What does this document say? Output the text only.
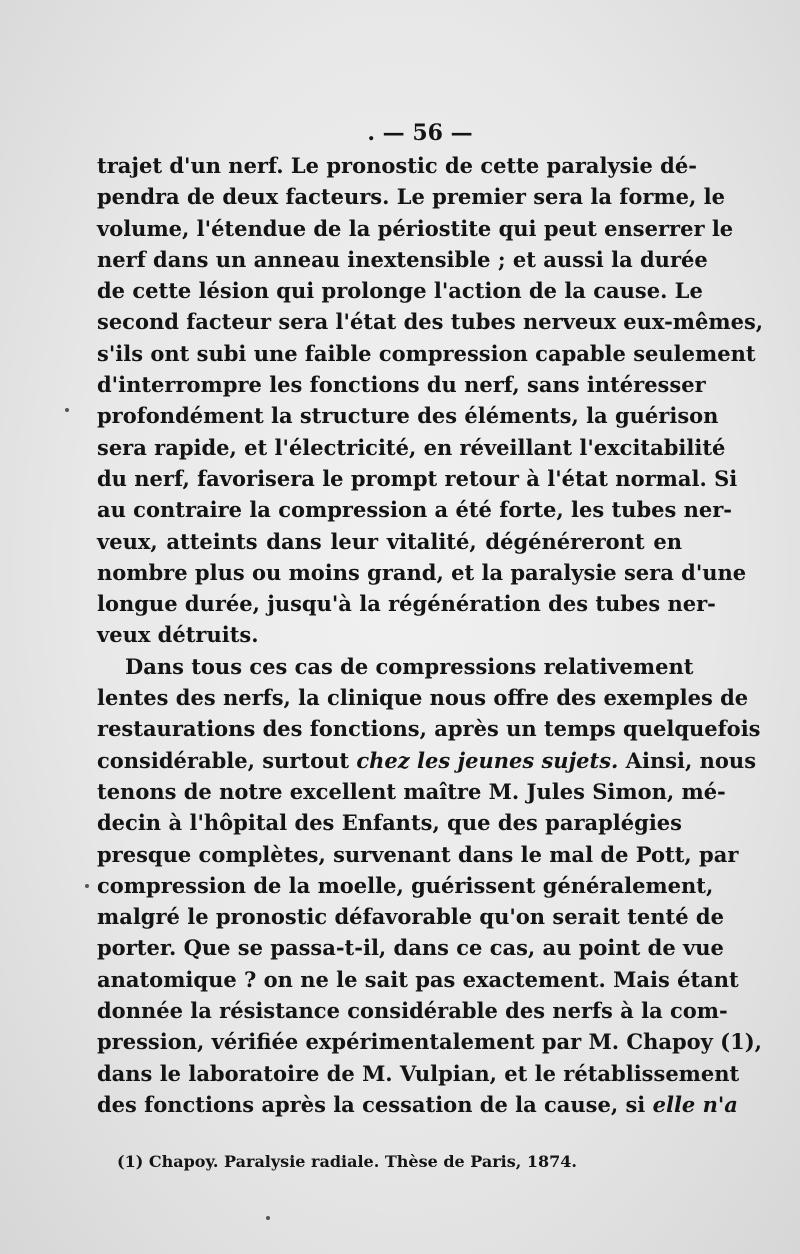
. — 56 —
trajet d'un nerf. Le pronostic de cette paralysie dé-
pendra de deux facteurs. Le premier sera la forme, le
volume, l'étendue de la périostite qui peut enserrer le
nerf dans un anneau inextensible ; et aussi la durée
de cette lésion qui prolonge l'action de la cause. Le
second facteur sera l'état des tubes nerveux eux-mêmes,
s'ils ont subi une faible compression capable seulement
d'interrompre les fonctions du nerf, sans intéresser
profondément la structure des éléments, la guérison
sera rapide, et l'électricité, en réveillant l'excitabilité
du nerf, favorisera le prompt retour à l'état normal. Si
au contraire la compression a été forte, les tubes ner-
veux, atteints dans leur vitalité, dégénéreront en
nombre plus ou moins grand, et la paralysie sera d'une
longue durée, jusqu'à la régénération des tubes ner-
veux détruits.
Dans tous ces cas de compressions relativement
lentes des nerfs, la clinique nous offre des exemples de
restaurations des fonctions, après un temps quelquefois
considérable, surtout chez les jeunes sujets. Ainsi, nous
tenons de notre excellent maître M. Jules Simon, mé-
decin à l'hôpital des Enfants, que des paraplégies
presque complètes, survenant dans le mal de Pott, par
compression de la moelle, guérissent généralement,
malgré le pronostic défavorable qu'on serait tenté de
porter. Que se passa-t-il, dans ce cas, au point de vue
anatomique ? on ne le sait pas exactement. Mais étant
donnée la résistance considérable des nerfs à la com-
pression, vérifiée expérimentalement par M. Chapoy (1),
dans le laboratoire de M. Vulpian, et le rétablissement
des fonctions après la cessation de la cause, si elle n'a
(1) Chapoy. Paralysie radiale. Thèse de Paris, 1874.
